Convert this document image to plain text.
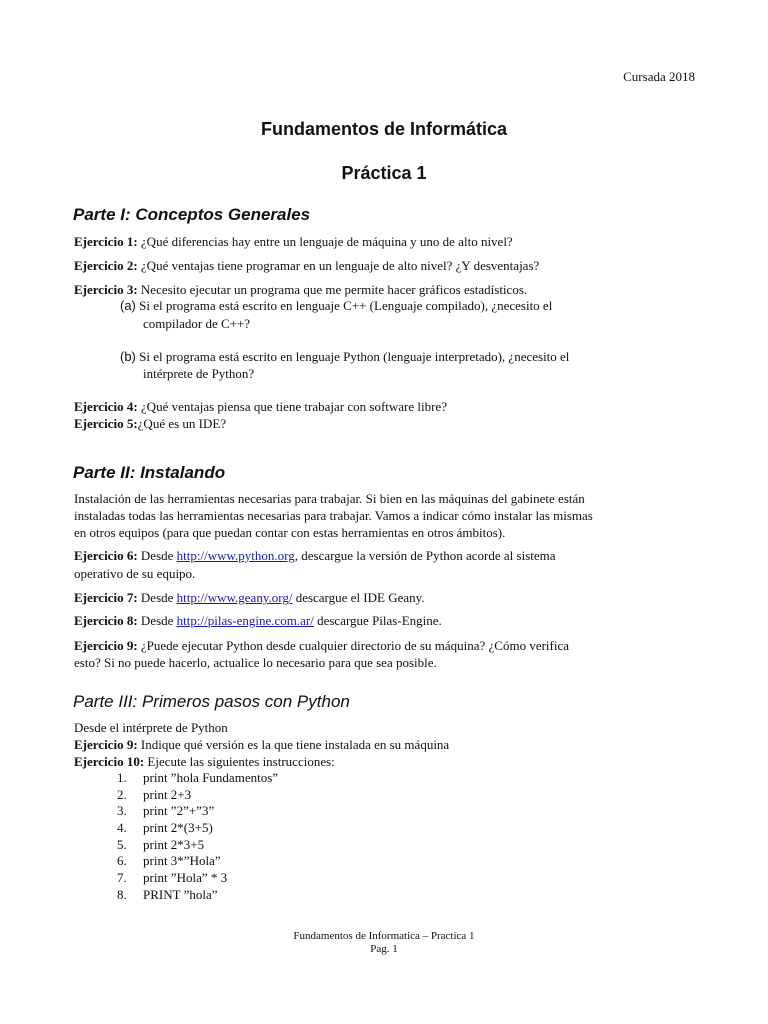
Cursada 2018
Fundamentos de Informática
Práctica 1
Parte I: Conceptos Generales
Ejercicio 1: ¿Qué diferencias hay entre un lenguaje de máquina y uno de alto nivel?
Ejercicio 2: ¿Qué ventajas tiene programar en un lenguaje de alto nivel? ¿Y desventajas?
Ejercicio 3: Necesito ejecutar un programa que me permite hacer gráficos estadísticos.
(a) Si el programa está escrito en lenguaje C++ (Lenguaje compilado), ¿necesito el
compilador de C++?
(b) Si el programa está escrito en lenguaje Python (lenguaje interpretado), ¿necesito el
intérprete de Python?
Ejercicio 4: ¿Qué ventajas piensa que tiene trabajar con software libre?
Ejercicio 5:¿Qué es un IDE?
Parte II: Instalando
Instalación de las herramientas necesarias para trabajar. Si bien en las máquinas del gabinete están
instaladas todas las herramientas necesarias para trabajar. Vamos a indicar cómo instalar las mismas
en otros equipos (para que puedan contar con estas herramientas en otros ámbitos).
Ejercicio 6: Desde http://www.python.org, descargue la versión de Python acorde al sistema
operativo de su equipo.
Ejercicio 7: Desde http://www.geany.org/ descargue el IDE Geany.
Ejercicio 8: Desde http://pilas-engine.com.ar/ descargue Pilas-Engine.
Ejercicio 9: ¿Puede ejecutar Python desde cualquier directorio de su máquina? ¿Cómo verifica
esto? Si no puede hacerlo, actualice lo necesario para que sea posible.
Parte III: Primeros pasos con Python
Desde el intérprete de Python
Ejercicio 9: Indique qué versión es la que tiene instalada en su máquina
Ejercicio 10: Ejecute las siguientes instrucciones:
1. print ”hola Fundamentos”
2. print 2+3
3. print ”2”+”3”
4. print 2*(3+5)
5. print 2*3+5
6. print 3*”Hola”
7. print ”Hola” * 3
8. PRINT ”hola”
Fundamentos de Informatica – Practica 1
Pag. 1
